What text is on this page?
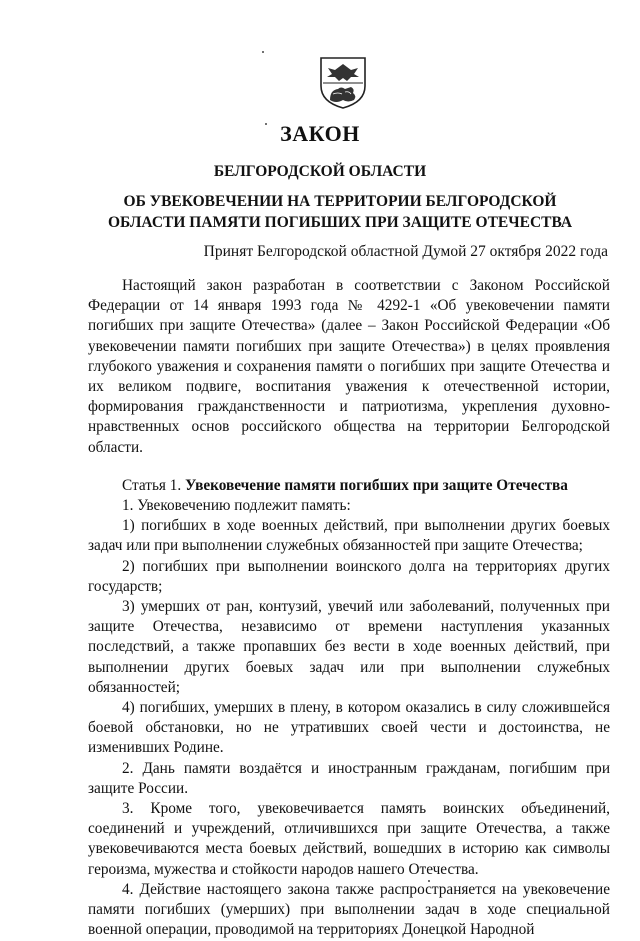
ЗАКОН
БЕЛГОРОДСКОЙ ОБЛАСТИ
ОБ УВЕКОВЕЧЕНИИ НА ТЕРРИТОРИИ БЕЛГОРОДСКОЙ
ОБЛАСТИ ПАМЯТИ ПОГИБШИХ ПРИ ЗАЩИТЕ ОТЕЧЕСТВА
Принят Белгородской областной Думой 27 октября 2022 года

Настоящий закон разработан в соответствии с Законом Российской Федерации от 14 января 1993 года № 4292-1 «Об увековечении памяти погибших при защите Отечества» (далее – Закон Российской Федерации «Об увековечении памяти погибших при защите Отечества») в целях проявления глубокого уважения и сохранения памяти о погибших при защите Отечества и их великом подвиге, воспитания уважения к отечественной истории, формирования гражданственности и патриотизма, укрепления духовно-нравственных основ российского общества на территории Белгородской области.

Статья 1. Увековечение памяти погибших при защите Отечества

1. Увековечению подлежит память:

1) погибших в ходе военных действий, при выполнении других боевых задач или при выполнении служебных обязанностей при защите Отечества;

2) погибших при выполнении воинского долга на территориях других государств;

3) умерших от ран, контузий, увечий или заболеваний, полученных при защите Отечества, независимо от времени наступления указанных последствий, а также пропавших без вести в ходе военных действий, при выполнении других боевых задач или при выполнении служебных обязанностей;

4) погибших, умерших в плену, в котором оказались в силу сложившейся боевой обстановки, но не утративших своей чести и достоинства, не изменивших Родине.

2. Дань памяти воздаётся и иностранным гражданам, погибшим при защите России.

3. Кроме того, увековечивается память воинских объединений, соединений и учреждений, отличившихся при защите Отечества, а также увековечиваются места боевых действий, вошедших в историю как символы героизма, мужества и стойкости народов нашего Отечества.

4. Действие настоящего закона также распространяется на увековечение памяти погибших (умерших) при выполнении задач в ходе специальной военной операции, проводимой на территориях Донецкой Народной
